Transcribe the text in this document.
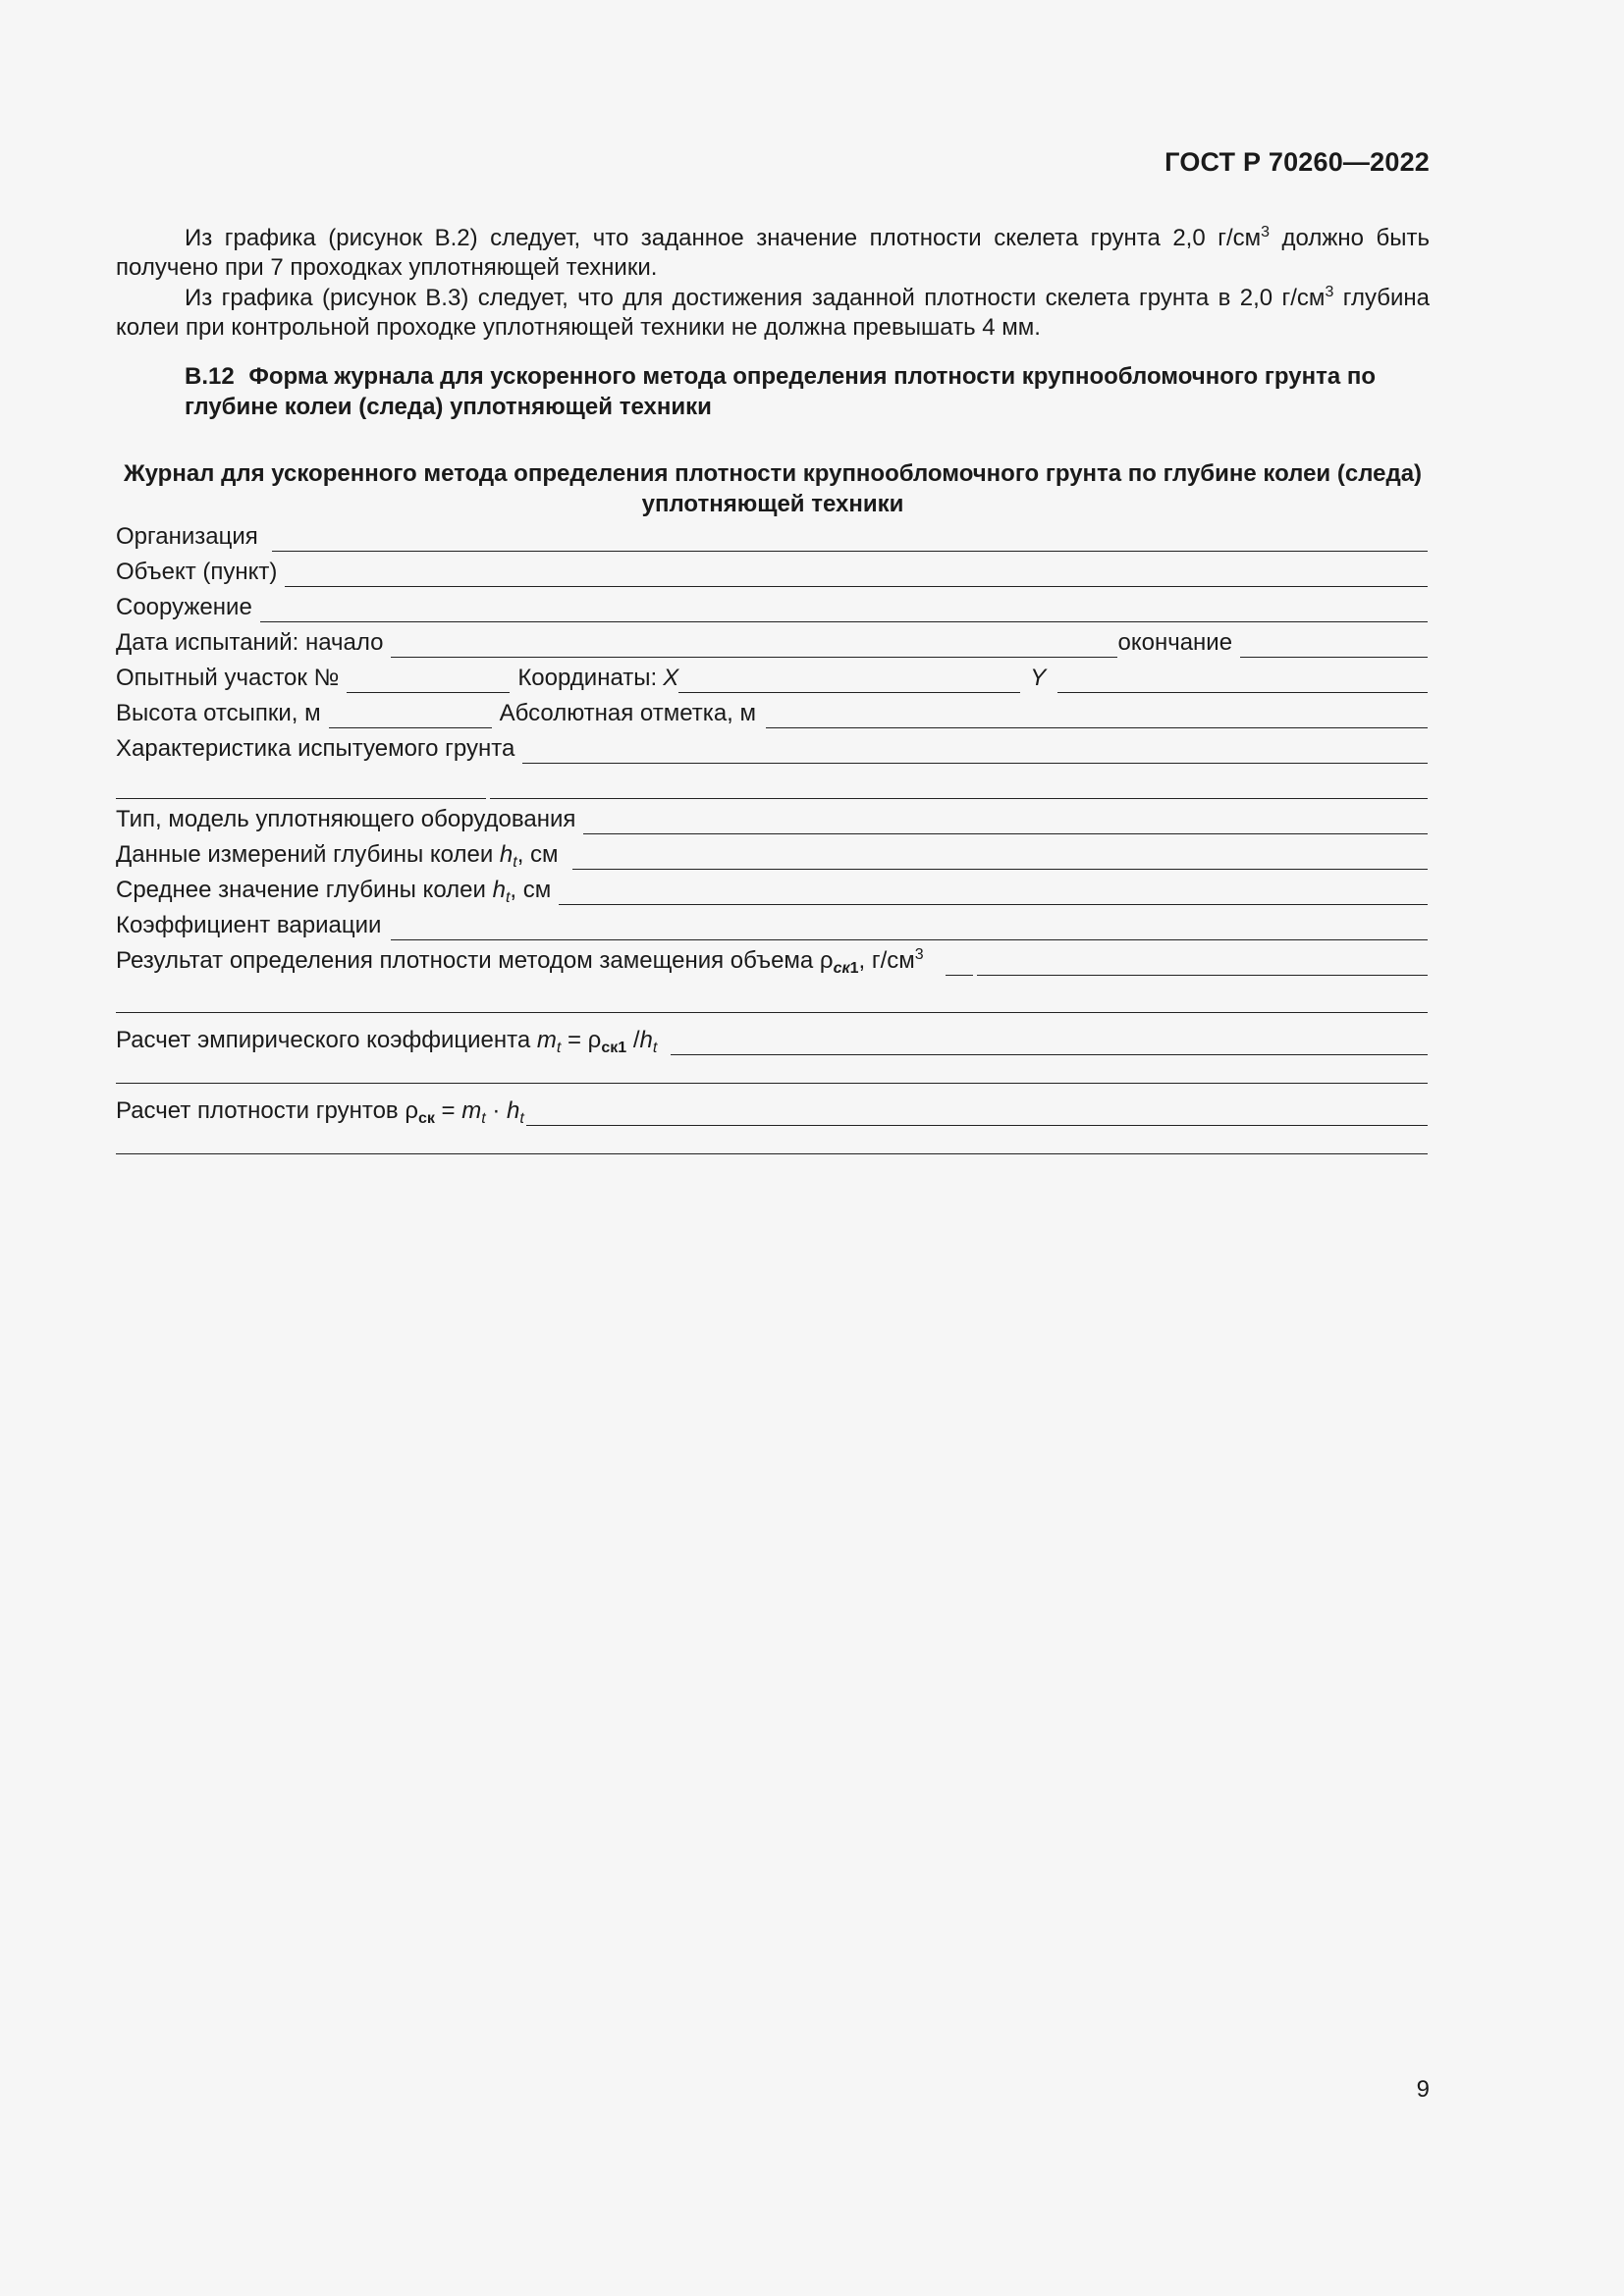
ГОСТ Р 70260—2022

Из графика (рисунок В.2) следует, что заданное значение плотности скелета грунта 2,0 $г/см^3$ должно быть получено при 7 проходках уплотняющей техники.

Из графика (рисунок В.3) следует, что для достижения заданной плотности скелета грунта в 2,0 $г/см^3$ глубина колеи при контрольной проходке уплотняющей техники не должна превышать 4 мм.

В.12 Форма журнала для ускоренного метода определения плотности крупнообломочного грунта по глубине колеи (следа) уплотняющей техники

Журнал для ускоренного метода определения плотности крупнообломочного грунта по глубине колеи (следа) уплотняющей техники

Организация
Объект (пункт)
Сооружение
Дата испытаний: начало	окончание
Опытный участок №	Координаты: X	Y
Высота отсыпки, м	Абсолютная отметка, м
Характеристика испытуемого грунта
Тип, модель уплотняющего оборудования
Данные измерений глубины колеи $h_t$, см
Среднее значение глубины колеи $h_t$, см
Коэффициент вариации
Результат определения плотности методом замещения объема $\rho_{ск1}$, $г/см^3$
Расчет эмпирического коэффициента $m_t = \rho_{ск1}$ $/h_t$
Расчет плотности грунтов $\rho_{ск} = m_t \cdot h_t$
9
